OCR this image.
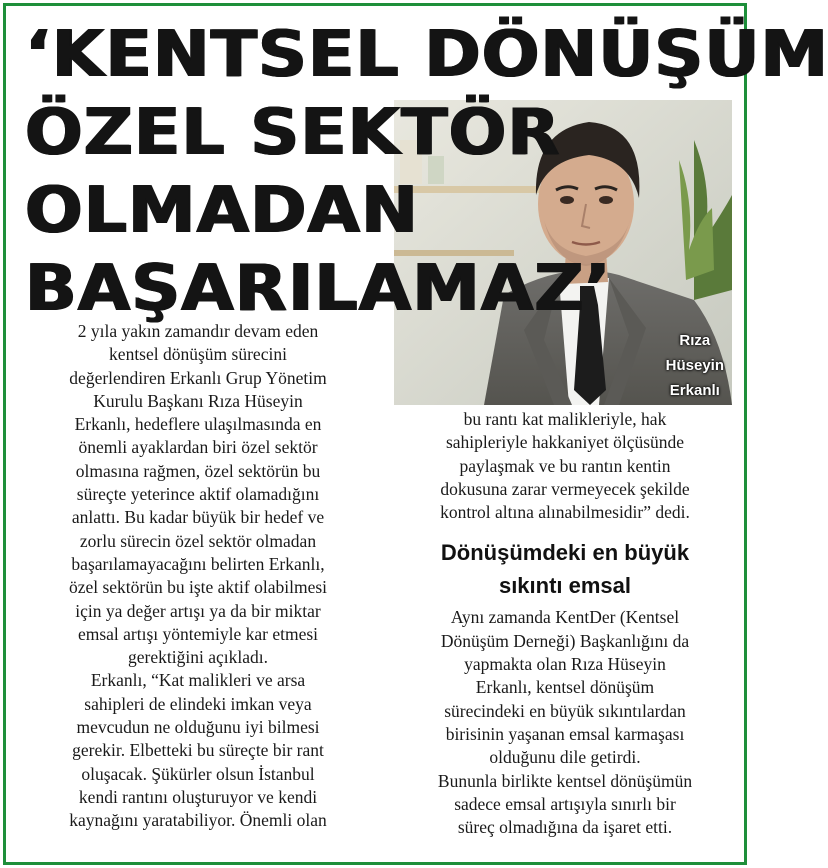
Rıza
Hüseyin
Erkanlı
‘KENTSEL DÖNÜŞÜM
ÖZEL SEKTÖR
OLMADAN
BAŞARILAMAZ’

2 yıla yakın zamandır devam eden

kentsel dönüşüm sürecini

değerlendiren Erkanlı Grup Yönetim

Kurulu Başkanı Rıza Hüseyin

Erkanlı, hedeflere ulaşılmasında en

önemli ayaklardan biri özel sektör

olmasına rağmen, özel sektörün bu

süreçte yeterince aktif olamadığını

anlattı. Bu kadar büyük bir hedef ve

zorlu sürecin özel sektör olmadan

başarılamayacağını belirten Erkanlı,

özel sektörün bu işte aktif olabilmesi

için ya değer artışı ya da bir miktar

emsal artışı yöntemiyle kar etmesi

gerektiğini açıkladı.

Erkanlı, “Kat malikleri ve arsa

sahipleri de elindeki imkan veya

mevcudun ne olduğunu iyi bilmesi

gerekir. Elbetteki bu süreçte bir rant

oluşacak. Şükürler olsun İstanbul

kendi rantını oluşturuyor ve kendi

kaynağını yaratabiliyor. Önemli olan

bu rantı kat malikleriyle, hak

sahipleriyle hakkaniyet ölçüsünde

paylaşmak ve bu rantın kentin

dokusuna zarar vermeyecek şekilde

kontrol altına alınabilmesidir” dedi.

Dönüşümdeki en büyük
sıkıntı emsal

Aynı zamanda KentDer (Kentsel

Dönüşüm Derneği) Başkanlığını da

yapmakta olan Rıza Hüseyin

Erkanlı, kentsel dönüşüm

sürecindeki en büyük sıkıntılardan

birisinin yaşanan emsal karmaşası

olduğunu dile getirdi.

Bununla birlikte kentsel dönüşümün

sadece emsal artışıyla sınırlı bir

süreç olmadığına da işaret etti.
